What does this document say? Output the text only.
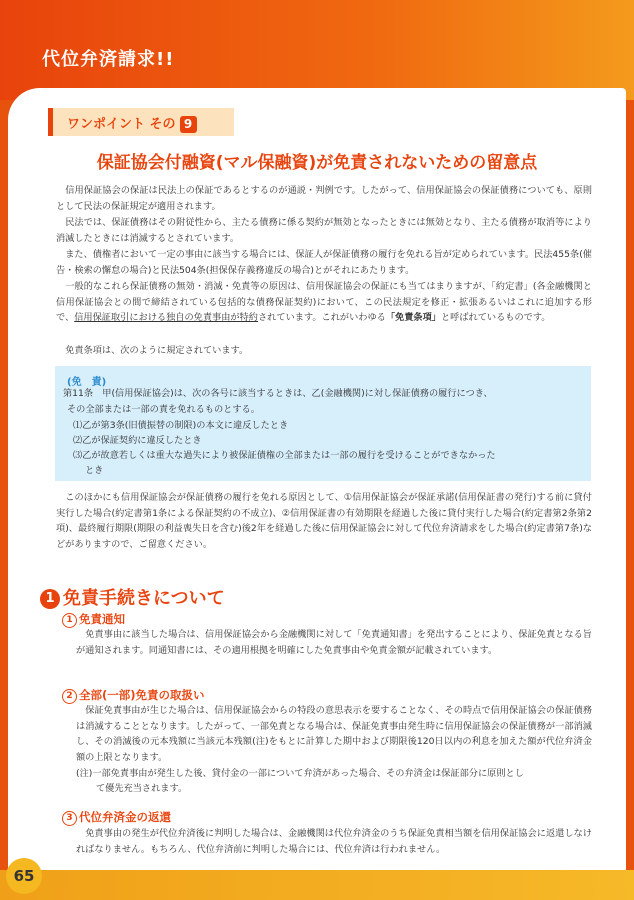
代位弁済請求!!
ワンポイント その 9
保証協会付融資(マル保融資)が免責されないための留意点
信用保証協会の保証は民法上の保証であるとするのが通説・判例です。したがって、信用保証協会の保証債務についても、原則として民法の保証規定が適用されます。
民法では、保証債務はその附従性から、主たる債務に係る契約が無効となったときには無効となり、主たる債務が取消等により消滅したときには消滅するとされています。
また、債権者において一定の事由に該当する場合には、保証人が保証債務の履行を免れる旨が定められています。民法455条(催告・検索の懈怠の場合)と民法504条(担保保存義務違反の場合)とがそれにあたります。
一般的なこれら保証債務の無効・消滅・免責等の原因は、信用保証協会の保証にも当てはまりますが、「約定書」(各金融機関と信用保証協会との間で締結されている包括的な債務保証契約)において、この民法規定を修正・拡張あるいはこれに追加する形で、信用保証取引における独自の免責事由が特約されています。これがいわゆる「免責条項」と呼ばれているものです。
免責条項は、次のように規定されています。
(免　責)
第11条　甲(信用保証協会)は、次の各号に該当するときは、乙(金融機関)に対し保証債務の履行につき、
その全部または一部の責を免れるものとする。
⑴乙が第3条(旧債振替の制限)の本文に違反したとき
⑵乙が保証契約に違反したとき
⑶乙が故意若しくは重大な過失により被保証債権の全部または一部の履行を受けることができなかった
とき
このほかにも信用保証協会が保証債務の履行を免れる原因として、①信用保証協会が保証承諾(信用保証書の発行)する前に貸付実行した場合(約定書第1条による保証契約の不成立)、②信用保証書の有効期限を経過した後に貸付実行した場合(約定書第2条第2項)、最終履行期限(期限の利益喪失日を含む)後2年を経過した後に信用保証協会に対して代位弁済請求をした場合(約定書第7条)などがありますので、ご留意ください。
1 免責手続きについて
1 免責通知
免責事由に該当した場合は、信用保証協会から金融機関に対して「免責通知書」を発出することにより、保証免責となる旨が通知されます。同通知書には、その適用根拠を明確にした免責事由や免責金額が記載されています。
2 全部(一部)免責の取扱い
保証免責事由が生じた場合は、信用保証協会からの特段の意思表示を要することなく、その時点で信用保証協会の保証債務は消滅することとなります。したがって、一部免責となる場合は、保証免責事由発生時に信用保証協会の保証債務が一部消滅し、その消滅後の元本残額に当該元本残額(注)をもとに計算した期中および期限後120日以内の利息を加えた額が代位弁済金額の上限となります。
(注)一部免責事由が発生した後、貸付金の一部について弁済があった場合、その弁済金は保証部分に原則とし
て優先充当されます。
3 代位弁済金の返還
免責事由の発生が代位弁済後に判明した場合は、金融機関は代位弁済金のうち保証免責相当額を信用保証協会に返還しなければなりません。もちろん、代位弁済前に判明した場合には、代位弁済は行われません。
65
